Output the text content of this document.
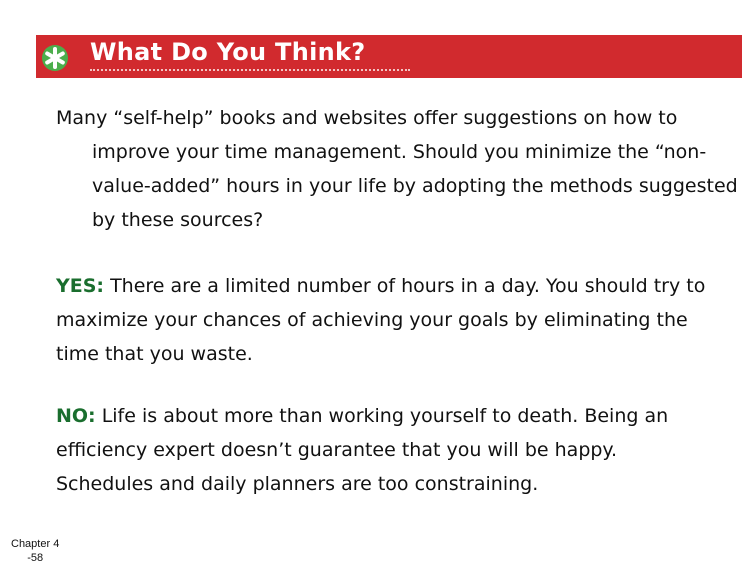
What Do You Think?

Many “self-help” books and websites offer suggestions on how to improve your time management. Should you minimize the “non-value-added” hours in your life by adopting the methods suggested by these sources?

YES: There are a limited number of hours in a day. You should try to maximize your chances of achieving your goals by eliminating the time that you waste.

NO: Life is about more than working yourself to death. Being an efficiency expert doesn’t guarantee that you will be happy. Schedules and daily planners are too constraining.

Chapter 4
-58
